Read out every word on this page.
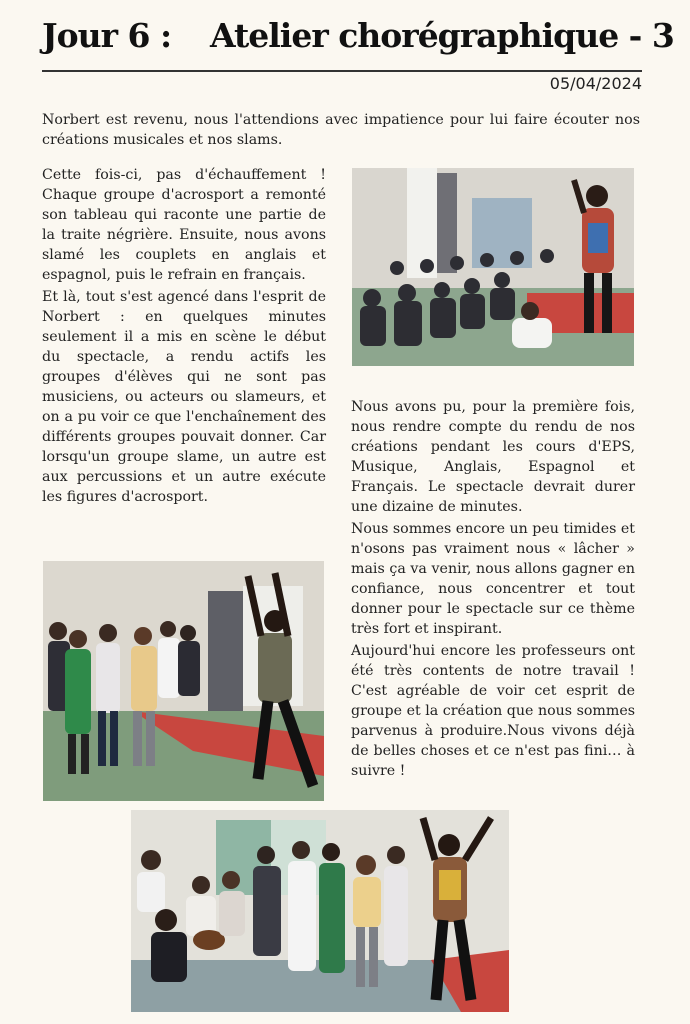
Jour 6 : Atelier chorégraphique - 3
05/04/2024
Norbert est revenu, nous l'attendions avec impatience pour lui faire écouter nos créations musicales et nos slams.

Cette fois-ci, pas d'échauffement ! Chaque groupe d'acrosport a remonté son tableau qui raconte une partie de la traite négrière. Ensuite, nous avons slamé les couplets en anglais et espagnol, puis le refrain en français.

Et là, tout s'est agencé dans l'esprit de Norbert : en quelques minutes seulement il a mis en scène le début du spectacle, a rendu actifs les groupes d'élèves qui ne sont pas musiciens, ou acteurs ou slameurs, et on a pu voir ce que l'enchaînement des différents groupes pouvait donner. Car lorsqu'un groupe slame, un autre est aux percussions et un autre exécute les figures d'acrosport.

Nous avons pu, pour la première fois, nous rendre compte du rendu de nos créations pendant les cours d'EPS, Musique, Anglais, Espagnol et Français. Le spectacle devrait durer une dizaine de minutes.

Nous sommes encore un peu timides et n'osons pas vraiment nous « lâcher » mais ça va venir, nous allons gagner en confiance, nous concentrer et tout donner pour le spectacle sur ce thème très fort et inspirant.

Aujourd'hui encore les professeurs ont été très contents de notre travail ! C'est agréable de voir cet esprit de groupe et la création que nous sommes parvenus à produire.Nous vivons déjà de belles choses et ce n'est pas fini… à suivre !
